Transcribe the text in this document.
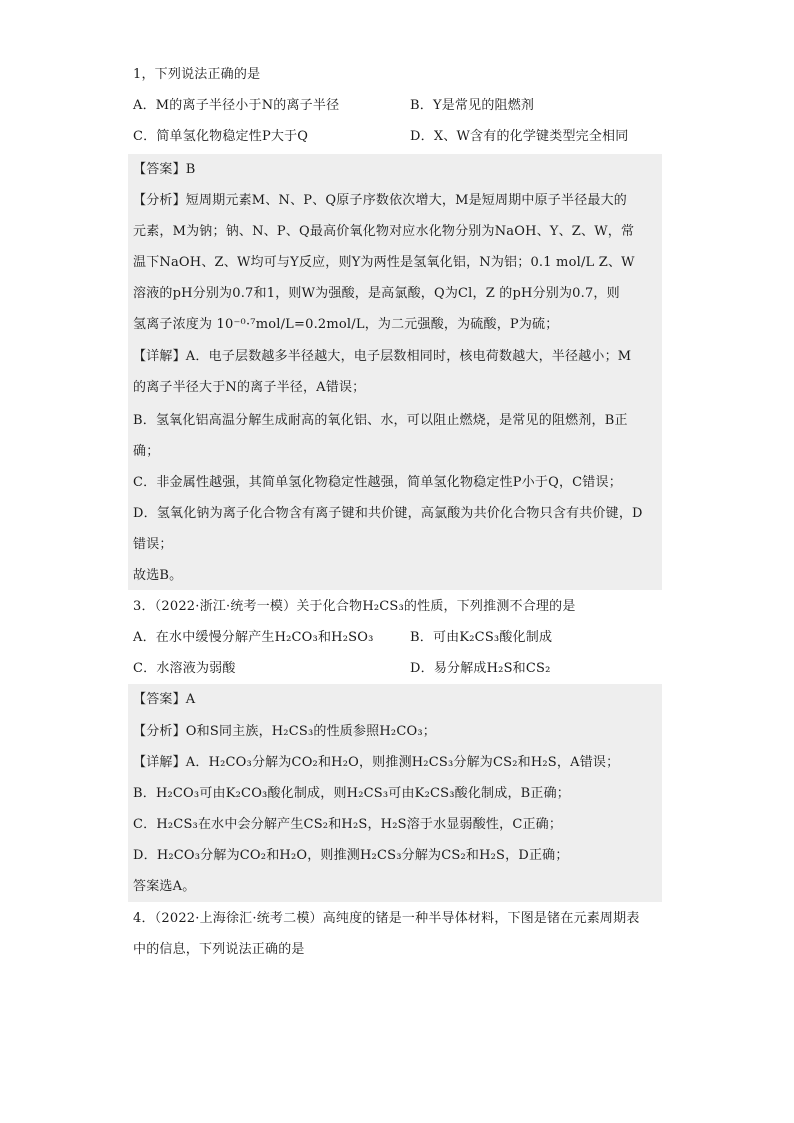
1，下列说法正确的是
A．M的离子半径小于N的离子半径	B．Y是常见的阻燃剂
C．简单氢化物稳定性P大于Q	D．X、W含有的化学键类型完全相同
【答案】B
【分析】短周期元素M、N、P、Q原子序数依次增大，M是短周期中原子半径最大的
元素，M为钠；钠、N、P、Q最高价氧化物对应水化物分别为NaOH、Y、Z、W，常
温下NaOH、Z、W均可与Y反应，则Y为两性是氢氧化铝，N为铝；0.1 mol/L Z、W
溶液的pH分别为0.7和1，则W为强酸，是高氯酸，Q为Cl，Z 的pH分别为0.7，则
氢离子浓度为 10⁻⁰·⁷mol/L=0.2mol/L，为二元强酸，为硫酸，P为硫；
【详解】A．电子层数越多半径越大，电子层数相同时，核电荷数越大，半径越小；M
的离子半径大于N的离子半径，A错误；
B．氢氧化铝高温分解生成耐高的氧化铝、水，可以阻止燃烧，是常见的阻燃剂，B正
确；
C．非金属性越强，其简单氢化物稳定性越强，简单氢化物稳定性P小于Q，C错误；
D．氢氧化钠为离子化合物含有离子键和共价键，高氯酸为共价化合物只含有共价键，D
错误；
故选B。
3．（2022·浙江·统考一模）关于化合物H₂CS₃的性质，下列推测不合理的是
A．在水中缓慢分解产生H₂CO₃和H₂SO₃	B．可由K₂CS₃酸化制成
C．水溶液为弱酸	D．易分解成H₂S和CS₂
【答案】A
【分析】O和S同主族，H₂CS₃的性质参照H₂CO₃；
【详解】A．H₂CO₃分解为CO₂和H₂O，则推测H₂CS₃分解为CS₂和H₂S，A错误；
B．H₂CO₃可由K₂CO₃酸化制成，则H₂CS₃可由K₂CS₃酸化制成，B正确；
C．H₂CS₃在水中会分解产生CS₂和H₂S，H₂S溶于水显弱酸性，C正确；
D．H₂CO₃分解为CO₂和H₂O，则推测H₂CS₃分解为CS₂和H₂S，D正确；
答案选A。
4．（2022·上海徐汇·统考二模）高纯度的锗是一种半导体材料，下图是锗在元素周期表
中的信息，下列说法正确的是
